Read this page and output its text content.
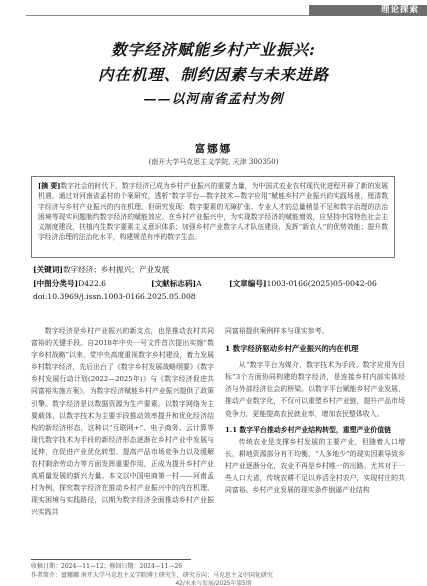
理论探索
数字经济赋能乡村产业振兴:
内在机理、制约因素与未来进路
——以河南省孟村为例
富娜娜
(南开大学马克思主义学院, 天津 300350)
[摘 要]数字社会的时代下，数字经济已成为乡村产业振兴的重要力量，为中国式农业农村现代化进程开辟了新的发展机遇。通过对河南省孟村的个案研究，透析“数字平台—数字技术—数字应用”赋能乡村产业振兴的实践场景，厘清数字经济与乡村产业振兴的内在机理。但研究发现：数字要素的无障扩张、专业人才的总量稍显不足和数字治理的法治困境等现实问题制约数字经济的赋能效应。在乡村产业振兴中，为实现数字经济的赋能增效，应坚持中国特色社会主义制度建设，扶植内生数字要素主义意识体系；加强乡村产业数字人才队伍建设，发挥“新农人”的优势效能；提升数字经济治理的法治化水平，构建规范有序的数字生态。
[关键词]数字经济；乡村振兴；产业发展
[中图分类号]D422.6	[文献标志码]A	[文章编号]1003-0166(2025)05-0042-06
doi:10.3969/j.issn.1003-0166.2025.05.008

数字经济是乡村产业振兴的新支点，也是推动农村共同富裕的关键手段。自2018年中央一号文件首次提出实施“数字乡村战略”以来，党中央高度重视数字乡村建设，着力发展乡村数字经济，先后出台了《数字乡村发展战略纲要》《数字乡村发展行动计划(2022—2025年)》与《数字经济促进共同富裕实施方案》，为数字经济赋能乡村产业振兴提供了政策引擎。数字经济是以数据资源为生产要素，以数字网络为主要载体，以数字技术为主要手段推动效率提升和优化经济结构的新经济形态，这种以“互联网+”、电子商务、云计算等现代数字技术为手段的新经济形态逐渐在乡村产业中发展与延伸，在促进产业优化转型、提高产品市场竞争力以及缓解农村剩余劳动力等方面发挥重要作用，正成为提升乡村产业高质量发展的新兴力量。本文以中国电商第一村——河南孟村为例，探究数字经济在推动乡村产业振兴中的内在机理、现实困境与实践路径，以期为数字经济全面推动乡村产业振兴实践共

同富裕提供案例样本与现实参考。

1 数字经济驱动乡村产业振兴的内在机理

从“数字平台为媒介、数字技术为手段、数字应用为目标”3个方面协同构建的数字经济，是连接乡村内部实体经济与外部经济社会的桥梁。以数字平台赋能乡村产业发展，推动产业数字化，不仅可以重塑乡村产业链，提升产品市场竞争力，更能提高农民就业率，增加农民整体收入。

1.1 数字平台推动乡村产业结构转型，重塑产业价值链

传统农业是支撑乡村发展的主要产业，但随着人口增长，耕地资源部分有不均衡，“人多地少”的现实因素导致乡村产业逐渐分化，农业不再是乡村唯一的出路。尤其对于一些人口大省，传统农耕不足以养活全村农户，实现村庄的共同富裕。乡村产业发展的现实条件倒逼产业结构

收稿日期：2024—11—12；修回日期：2024—11—26
作者简介：富娜娜 南开大学马克思主义学院博士研究生，研究方向：马克思主义中国化研究
42/未来与发展/2025年第5期
